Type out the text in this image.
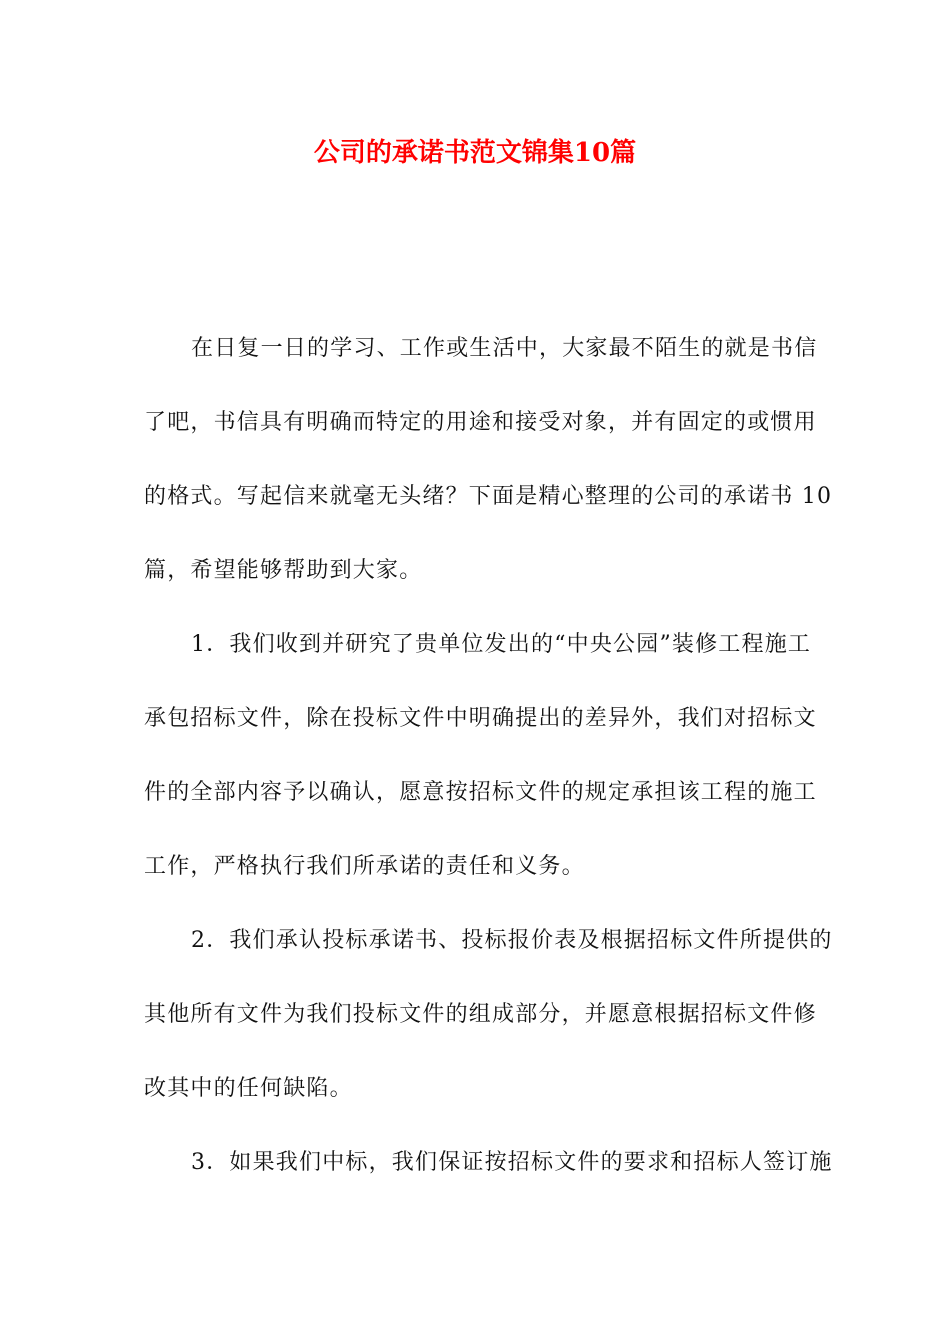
公司的承诺书范文锦集10篇

在日复一日的学习、工作或生活中，大家最不陌生的就是书信
了吧，书信具有明确而特定的用途和接受对象，并有固定的或惯用
的格式。写起信来就毫无头绪？下面是精心整理的公司的承诺书 10
篇，希望能够帮助到大家。

1．我们收到并研究了贵单位发出的“中央公园”装修工程施工
承包招标文件，除在投标文件中明确提出的差异外，我们对招标文
件的全部内容予以确认，愿意按招标文件的规定承担该工程的施工
工作，严格执行我们所承诺的责任和义务。

2．我们承认投标承诺书、投标报价表及根据招标文件所提供的
其他所有文件为我们投标文件的组成部分，并愿意根据招标文件修
改其中的任何缺陷。

3．如果我们中标，我们保证按招标文件的要求和招标人签订施
